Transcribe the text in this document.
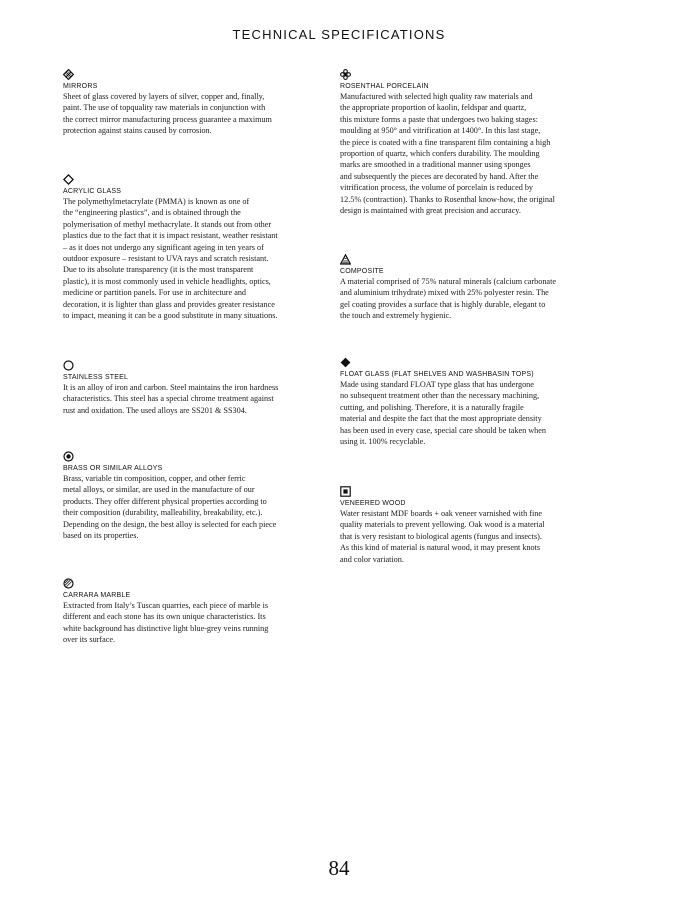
TECHNICAL SPECIFICATIONS
MIRRORS
Sheet of glass covered by layers of silver, copper and, finally,
paint. The use of topquality raw materials in conjunction with
the correct mirror manufacturing process guarantee a maximum
protection against stains caused by corrosion.
ACRYLIC GLASS
The polymethylmetacrylate (PMMA) is known as one of
the “engineering plastics”, and is obtained through the
polymerisation of methyl methacrylate. It stands out from other
plastics due to the fact that it is impact resistant, weather resistant
– as it does not undergo any significant ageing in ten years of
outdoor exposure – resistant to UVA rays and scratch resistant.
Due to its absolute transparency (it is the most transparent
plastic), it is most commonly used in vehicle headlights, optics,
medicine or partition panels. For use in architecture and
decoration, it is lighter than glass and provides greater resistance
to impact, meaning it can be a good substitute in many situations.
STAINLESS STEEL
It is an alloy of iron and carbon. Steel maintains the iron hardness
characteristics. This steel has a special chrome treatment against
rust and oxidation. The used alloys are SS201 & SS304.
BRASS OR SIMILAR ALLOYS
Brass, variable tin composition, copper, and other ferric
metal alloys, or similar, are used in the manufacture of our
products. They offer different physical properties according to
their composition (durability, malleability, breakability, etc.).
Depending on the design, the best alloy is selected for each piece
based on its properties.
CARRARA MARBLE
Extracted from Italy’s Tuscan quarries, each piece of marble is
different and each stone has its own unique characteristics. Its
white background has distinctive light blue-grey veins running
over its surface.
ROSENTHAL PORCELAIN
Manufactured with selected high quality raw materials and
the appropriate proportion of kaolin, feldspar and quartz,
this mixture forms a paste that undergoes two baking stages:
moulding at 950° and vitrification at 1400°. In this last stage,
the piece is coated with a fine transparent film containing a high
proportion of quartz, which confers durability. The moulding
marks are smoothed in a traditional manner using sponges
and subsequently the pieces are decorated by hand. After the
vitrification process, the volume of porcelain is reduced by
12.5% (contraction). Thanks to Rosenthal know-how, the original
design is maintained with great precision and accuracy.
COMPOSITE
A material comprised of 75% natural minerals (calcium carbonate
and aluminium trihydrate) mixed with 25% polyester resin. The
gel coating provides a surface that is highly durable, elegant to
the touch and extremely hygienic.
FLOAT GLASS (FLAT SHELVES AND WASHBASIN TOPS)
Made using standard FLOAT type glass that has undergone
no subsequent treatment other than the necessary machining,
cutting, and polishing. Therefore, it is a naturally fragile
material and despite the fact that the most appropriate density
has been used in every case, special care should be taken when
using it. 100% recyclable.
VENEERED WOOD
Water resistant MDF boards + oak veneer varnished with fine
quality materials to prevent yellowing. Oak wood is a material
that is very resistant to biological agents (fungus and insects).
As this kind of material is natural wood, it may present knots
and color variation.
84
